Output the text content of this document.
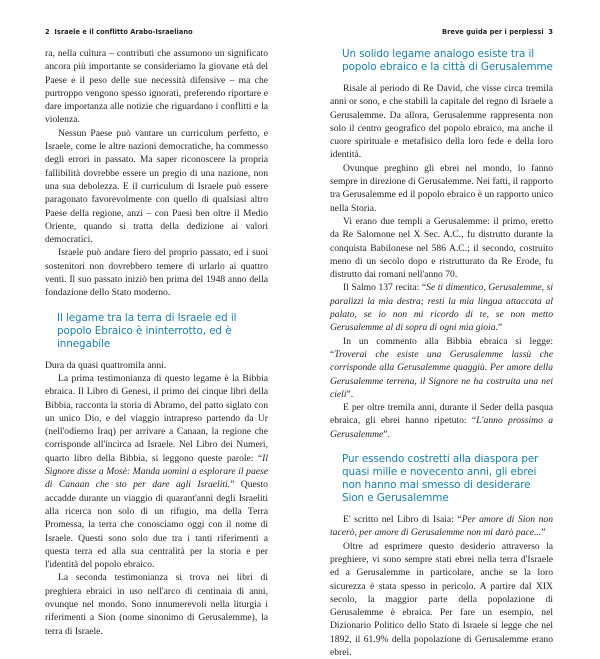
2 Israele e il conflitto Arabo-Israeliano

ra, nella cultura – contributi che assumono un significato ancora più importante se consideriamo la giovane età del Paese e il peso delle sue necessità difensive – ma che purtroppo vengono spesso ignorati, preferendo riportare e dare importanza alle notizie che riguardano i conflitti e la violenza.

Nessun Paese può vantare un curriculum perfetto, e Israele, come le altre nazioni democratiche, ha commesso degli errori in passato. Ma saper riconoscere la propria fallibilità dovrebbe essere un pregio di una nazione, non una sua debolezza. E il curriculum di Israele può essere paragonato favorevolmente con quello di qualsiasi altro Paese della regione, anzi – con Paesi ben oltre il Medio Oriente, quando si tratta della dedizione ai valori democratici.

Israele può andare fiero del proprio passato, ed i suoi sostenitori non dovrebbero temere di urlarlo ai quattro venti. Il suo passato iniziò ben prima del 1948 anno della fondazione dello Stato moderno.

Il legame tra la terra di Israele ed il popolo Ebraico è ininterrotto, ed è innegabile

Dura da quasi quattromila anni.

La prima testimonianza di questo legame è la Bibbia ebraica. Il Libro di Genesi, il primo dei cinque libri della Bibbia, racconta la storia di Abramo, del patto siglato con un unico Dio, e del viaggio intrapreso partendo da Ur (nell'odierno Iraq) per arrivare a Canaan, la regione che corrisponde all'incirca ad Israele. Nel Libro dei Numeri, quarto libro della Bibbia, si leggono queste parole: “Il Signore disse a Mosè: Manda uomini a esplorare il paese di Canaan che sto per dare agli Israeliti.” Questo accadde durante un viaggio di quarant'anni degli Israeliti alla ricerca non solo di un rifugio, ma della Terra Promessa, la terra che conosciamo oggi con il nome di Israele. Questi sono solo due tra i tanti riferimenti a questa terra ed alla sua centralità per la storia e per l'identità del popolo ebraico.

La seconda testimonianza si trova nei libri di preghiera ebraici in uso nell'arco di centinaia di anni, ovunque nel mondo. Sono innumerevoli nella liturgia i riferimenti a Sion (nome sinonimo di Gerusalemme), la terra di Israele.

Breve guida per i perplessi 3
Un solido legame analogo esiste tra il popolo ebraico e la città di Gerusalemme

Risale al periodo di Re David, che visse circa tremila anni or sono, e che stabilì la capitale del regno di Israele a Gerusalemme. Da allora, Gerusalemme rappresenta non solo il centro geografico del popolo ebraico, ma anche il cuore spirituale e metafisico della loro fede e della loro identità.

Ovunque preghino gli ebrei nel mondo, lo fanno sempre in direzione di Gerusalemme. Nei fatti, il rapporto tra Gerusalemme ed il popolo ebraico è un rapporto unico nella Storia.

Vi erano due templi a Gerusalemme: il primo, eretto da Re Salomone nel X Sec. A.C., fu distrutto durante la conquista Babilonese nel 586 A.C.; il secondo, costruito meno di un secolo dopo e ristrutturato da Re Erode, fu distrutto dai romani nell'anno 70.

Il Salmo 137 recita: “Se ti dimentico, Gerusalemme, si paralizzi la mia destra; resti la mia lingua attaccata al palato, se io non mi ricordo di te, se non metto Gerusalemme al di sopra di ogni mia gioia.”

In un commento alla Bibbia ebraica si legge: “Troverai che esiste una Gerusalemme lassù che corrisponde alla Gerusalemme quaggiù. Per amore della Gerusalemme terrena, il Signore ne ha costruita una nei cieli”.

E per oltre tremila anni, durante il Seder della pasqua ebraica, gli ebrei hanno ripetuto: “L'anno prossimo a Gerusalemme”.

Pur essendo costretti alla diaspora per quasi mille e novecento anni, gli ebrei non hanno mai smesso di desiderare Sion e Gerusalemme

E' scritto nel Libro di Isaia: “Per amore di Sion non tacerò, per amore di Gerusalemme non mi darò pace...”

Oltre ad esprimere questo desiderio attraverso la preghiere, vi sono sempre stati ebrei nella terra d'Israele ed a Gerusalemme in particolare, anche se la loro sicurezza è stata spesso in pericolo. A partire dal XIX secolo, la maggior parte della popolazione di Gerusalemme è ebraica. Per fare un esempio, nel Dizionario Politico dello Stato di Israele si legge che nel 1892, il 61.9% della popolazione di Gerusalemme erano ebrei.
